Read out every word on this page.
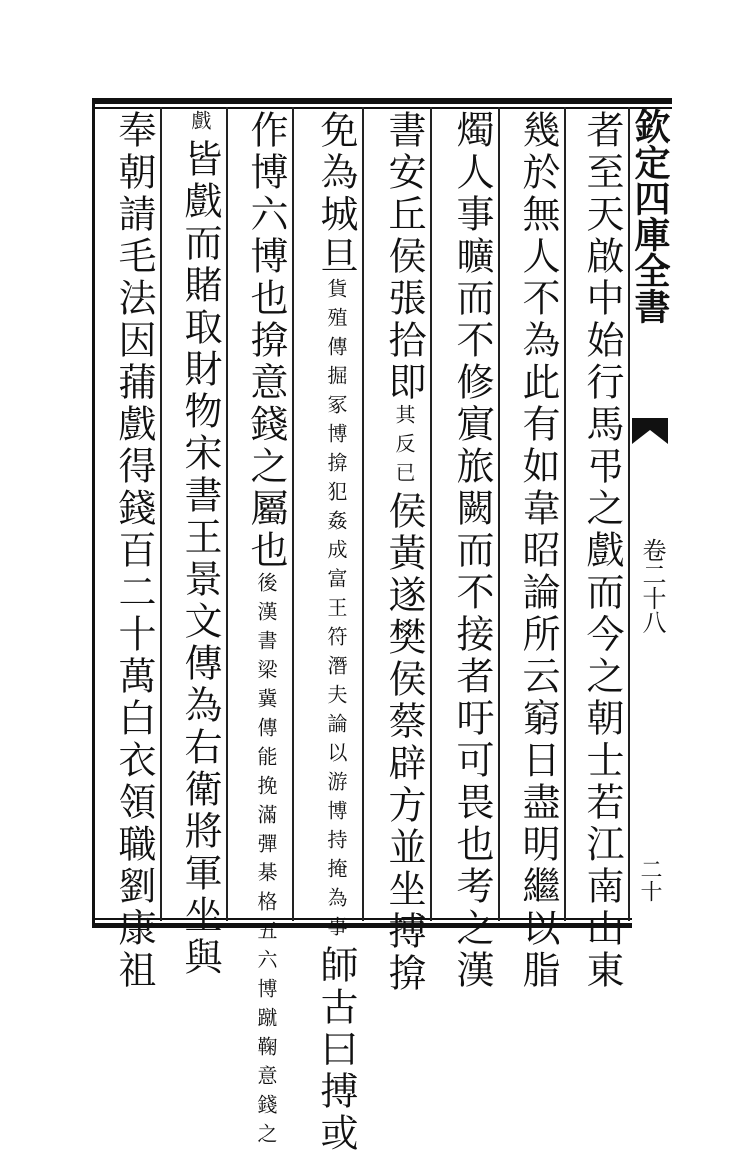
欽定四庫全書
卷二十八
二十
者至天啟中始行馬弔之戲而今之朝士若江南山東
幾於無人不為此有如韋昭論所云窮日盡明繼以脂
燭人事曠而不修賔旅闕而不接者吁可畏也考之漢
書安丘侯張拾即其反已侯黃遂樊侯蔡辟方並坐搏揜
免為城旦貨殖傳掘冢博揜犯姦成富王符潛夫論以游博持掩為事師古曰搏或
作博六博也揜意錢之屬也後漢書梁冀傳能挽滿彈棊格五六博蹴鞠意錢之
戲皆戲而賭取財物宋書王景文傳為右衛將軍坐與
奉朝請毛法因蒱戲得錢百二十萬白衣領職劉康祖
